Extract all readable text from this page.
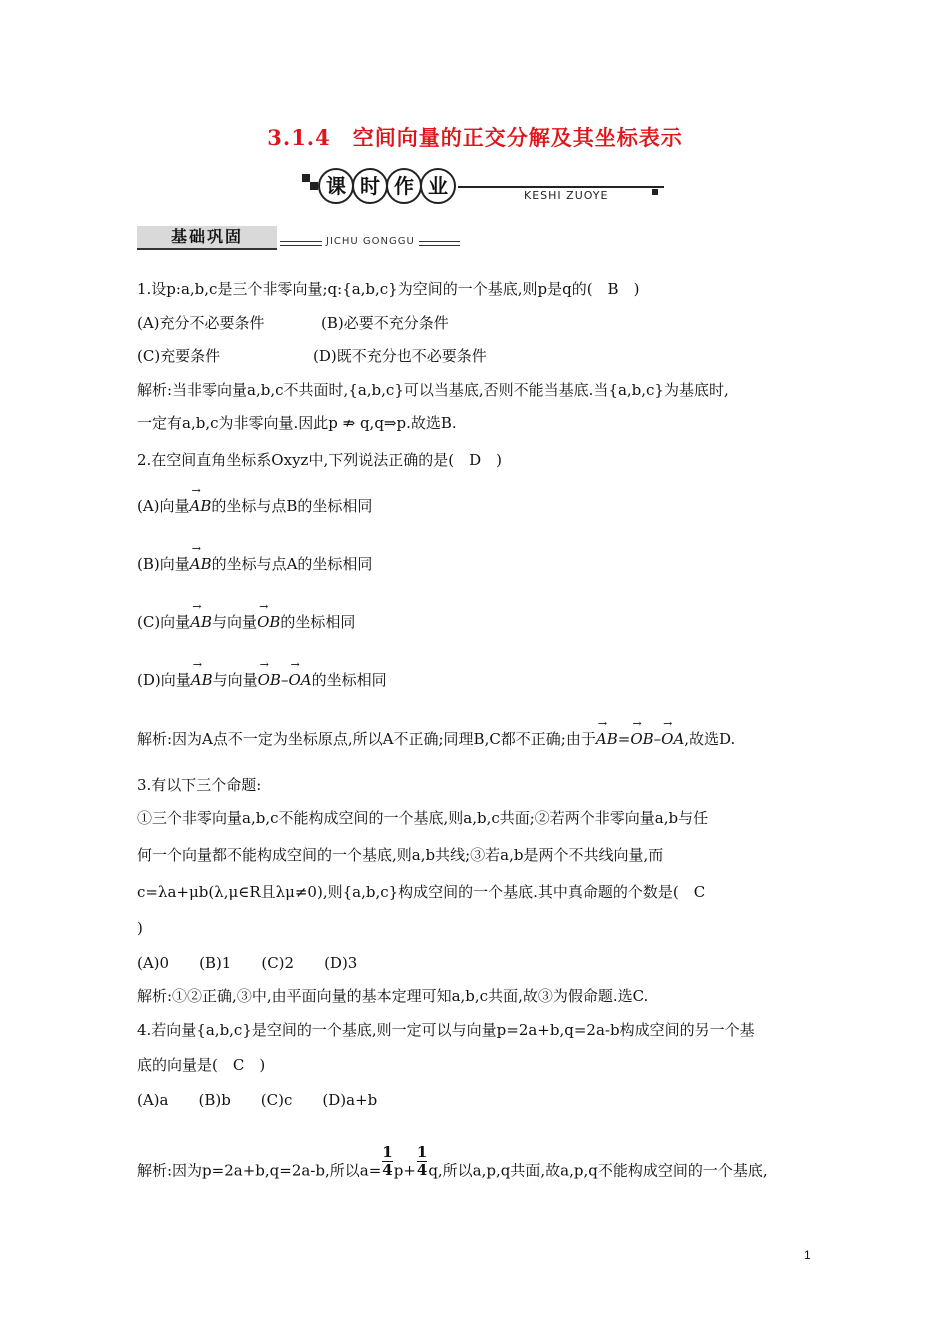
3.1.4　空间向量的正交分解及其坐标表示
课 时 作 业	KESHI ZUOYE
基础巩固	JICHU GONGGU
1.设p:a,b,c是三个非零向量;q:{a,b,c}为空间的一个基底,则p是q的(　B　)
(A)充分不必要条件	(B)必要不充分条件
(C)充要条件	(D)既不充分也不必要条件
解析:当非零向量a,b,c不共面时,{a,b,c}可以当基底,否则不能当基底.当{a,b,c}为基底时,
一定有a,b,c为非零向量.因此p ⇏ q,q⇒p.故选B.
2.在空间直角坐标系Oxyz中,下列说法正确的是(　D　)
(A)向量→ AB的坐标与点B的坐标相同
(B)向量→ AB的坐标与点A的坐标相同
(C)向量→ AB与向量→ OB的坐标相同
(D)向量→ AB与向量→ OB–→ OA的坐标相同
解析:因为A点不一定为坐标原点,所以A不正确;同理B,C都不正确;由于→ AB=→ OB–→ OA,故选D.
3.有以下三个命题:
①三个非零向量a,b,c不能构成空间的一个基底,则a,b,c共面;②若两个非零向量a,b与任
何一个向量都不能构成空间的一个基底,则a,b共线;③若a,b是两个不共线向量,而
c=λa+μb(λ,μ∈R且λμ≠0),则{a,b,c}构成空间的一个基底.其中真命题的个数是(　C
)
(A)0　　(B)1　　(C)2　　(D)3
解析:①②正确,③中,由平面向量的基本定理可知a,b,c共面,故③为假命题.选C.
4.若向量{a,b,c}是空间的一个基底,则一定可以与向量p=2a+b,q=2a-b构成空间的另一个基
底的向量是(　C　)
(A)a　　(B)b　　(C)c　　(D)a+b
解析:因为p=2a+b,q=2a-b,所以$a= \frac{1}{4} p+ \frac{1}{4} q$,所以a,p,q共面,故a,p,q不能构成空间的一个基底,
1
